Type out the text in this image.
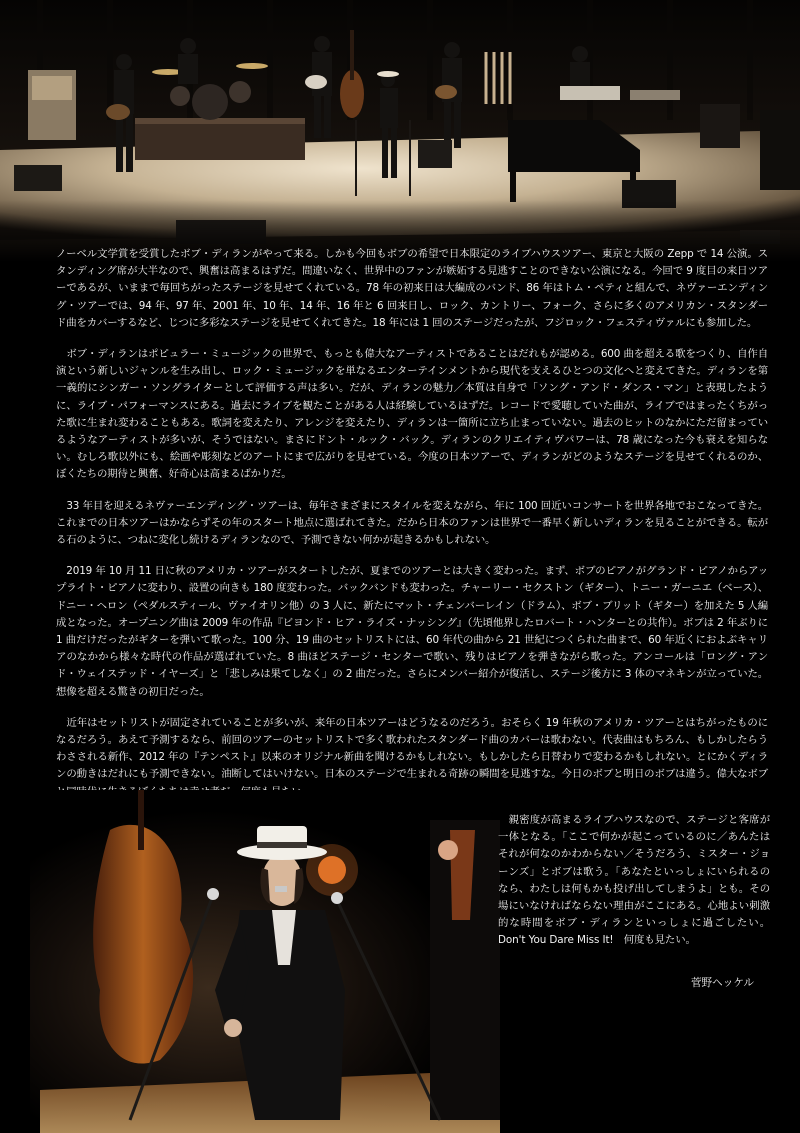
ノーベル文学賞を受賞したボブ・ディランがやって来る。しかも今回もボブの希望で日本限定のライブハウスツアー、東京と大阪の Zepp で 14 公演。スタンディング席が大半なので、興奮は高まるはずだ。間違いなく、世界中のファンが嫉妬する見逃すことのできない公演になる。今回で 9 度目の来日ツアーであるが、いままで毎回ちがったステージを見せてくれている。78 年の初来日は大編成のバンド、86 年はトム・ペティと組んで、ネヴァーエンディング・ツアーでは、94 年、97 年、2001 年、10 年、14 年、16 年と 6 回来日し、ロック、カントリー、フォーク、さらに多くのアメリカン・スタンダード曲をカバーするなど、じつに多彩なステージを見せてくれてきた。18 年には 1 回のステージだったが、フジロック・フェスティヴァルにも参加した。

　ボブ・ディランはポピュラー・ミュージックの世界で、もっとも偉大なアーティストであることはだれもが認める。600 曲を超える歌をつくり、自作自演という新しいジャンルを生み出し、ロック・ミュージックを単なるエンターテインメントから現代を支えるひとつの文化へと変えてきた。ディランを第一義的にシンガー・ソングライターとして評価する声は多い。だが、ディランの魅力／本質は自身で「ソング・アンド・ダンス・マン」と表現したように、ライブ・パフォーマンスにある。過去にライブを観たことがある人は経験しているはずだ。レコードで愛聴していた曲が、ライブではまったくちがった歌に生まれ変わることもある。歌詞を変えたり、アレンジを変えたり、ディランは一箇所に立ち止まっていない。過去のヒットのなかにただ留まっているようなアーティストが多いが、そうではない。まさにドント・ルック・バック。ディランのクリエイティヴパワーは、78 歳になった今も衰えを知らない。むしろ歌以外にも、絵画や彫刻などのアートにまで広がりを見せている。今度の日本ツアーで、ディランがどのようなステージを見せてくれるのか、ぼくたちの期待と興奮、好奇心は高まるばかりだ。

　33 年目を迎えるネヴァーエンディング・ツアーは、毎年さまざまにスタイルを変えながら、年に 100 回近いコンサートを世界各地でおこなってきた。これまでの日本ツアーはかならずその年のスタート地点に選ばれてきた。だから日本のファンは世界で一番早く新しいディランを見ることができる。転がる石のように、つねに変化し続けるディランなので、予測できない何かが起きるかもしれない。

　2019 年 10 月 11 日に秋のアメリカ・ツアーがスタートしたが、夏までのツアーとは大きく変わった。まず、ボブのピアノがグランド・ピアノからアップライト・ピアノに変わり、設置の向きも 180 度変わった。バックバンドも変わった。チャーリー・セクストン（ギター）、トニー・ガーニエ（ベース）、ドニー・ヘロン（ペダルスティール、ヴァイオリン他）の 3 人に、新たにマット・チェンバーレイン（ドラム）、ボブ・ブリット（ギター）を加えた 5 人編成となった。オープニング曲は 2009 年の作品『ビヨンド・ヒア・ライズ・ナッシング』（先頃他界したロバート・ハンターとの共作）。ボブは 2 年ぶりに 1 曲だけだったがギターを弾いて歌った。100 分、19 曲のセットリストには、60 年代の曲から 21 世紀につくられた曲まで、60 年近くにおよぶキャリアのなかから様々な時代の作品が選ばれていた。8 曲ほどステージ・センターで歌い、残りはピアノを弾きながら歌った。アンコールは「ロング・アンド・ウェイステッド・イヤーズ」と「悲しみは果てしなく」の 2 曲だった。さらにメンバー紹介が復活し、ステージ後方に 3 体のマネキンが立っていた。想像を超える驚きの初日だった。

　近年はセットリストが固定されていることが多いが、来年の日本ツアーはどうなるのだろう。おそらく 19 年秋のアメリカ・ツアーとはちがったものになるだろう。あえて予測するなら、前回のツアーのセットリストで多く歌われたスタンダード曲のカバーは歌わない。代表曲はもちろん、もしかしたらうわさされる新作、2012 年の『テンペスト』以来のオリジナル新曲を聞けるかもしれない。もしかしたら日替わりで変わるかもしれない。とにかくディランの動きはだれにも予測できない。油断してはいけない。日本のステージで生まれる奇跡の瞬間を見逃すな。今日のボブと明日のボブは違う。偉大なボブ

　親密度が高まるライブハウスなので、ステージと客席が一体となる。「ここで何かが起こっているのに／あんたはそれが何なのかわからない／そうだろう、ミスター・ジョーンズ」とボブは歌う。「あなたといっしょにいられるのなら、わたしは何もかも投げ出してしまうよ」とも。その場にいなければならない理由がここにある。心地よい刺激的な時間をボブ・ディランといっしょに過ごしたい。Don't You Dare Miss It!　何度も見たい。

菅野ヘッケル
